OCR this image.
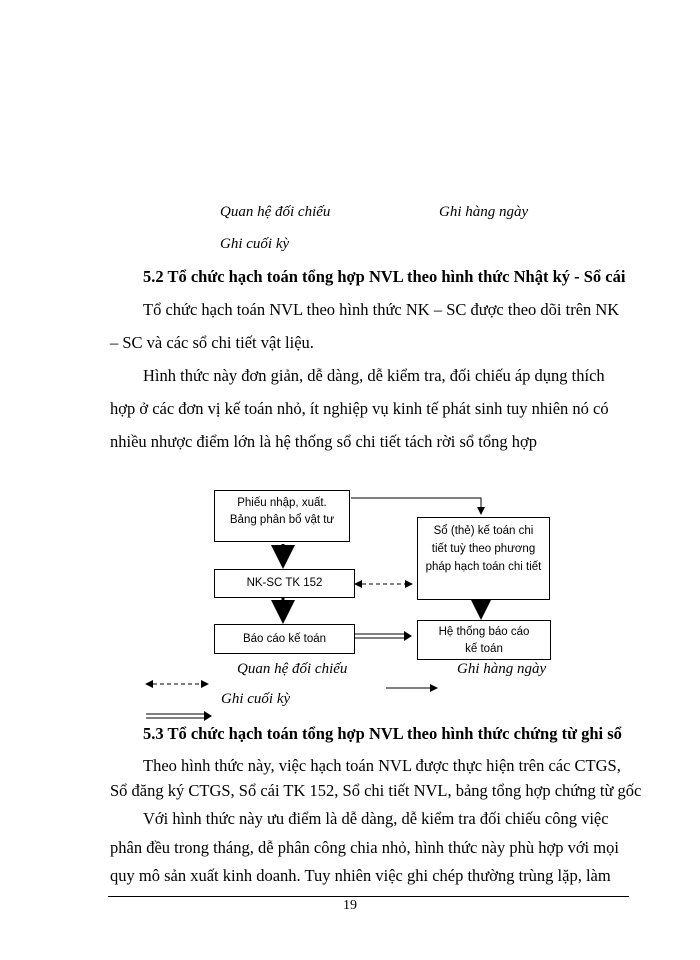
Quan hệ đối chiếu	Ghi hàng ngày
Ghi cuối kỳ
5.2 Tổ chức hạch toán tổng hợp NVL theo hình thức Nhật ký - Sổ cái
Tổ chức hạch toán NVL theo hình thức NK – SC được theo dõi trên NK
– SC và các sổ chi tiết vật liệu.
Hình thức này đơn giản, dễ dàng, dễ kiểm tra, đối chiếu áp dụng thích
hợp ở các đơn vị kế toán nhỏ, ít nghiệp vụ kinh tế phát sinh tuy nhiên nó có
nhiều nhược điểm lớn là hệ thống sổ chi tiết tách rời sổ tổng hợp
Phiếu nhập, xuất.
Bảng phân bổ vật tư
NK-SC TK 152
Báo cáo kế toán
Sổ (thẻ) kế toán chi
tiết tuỳ theo phương
pháp hạch toán chi tiết
Hệ thống báo cáo
kế toán
Quan hệ đối chiếu	Ghi hàng ngày
Ghi cuối kỳ
5.3 Tổ chức hạch toán tổng hợp NVL theo hình thức chứng từ ghi sổ
Theo hình thức này, việc hạch toán NVL được thực hiện trên các CTGS,
Sổ đăng ký CTGS, Sổ cái TK 152, Sổ chi tiết NVL, bảng tổng hợp chứng từ gốc
Với hình thức này ưu điểm là dễ dàng, dễ kiểm tra đối chiếu công việc
phân đều trong tháng, dễ phân công chia nhỏ, hình thức này phù hợp với mọi
quy mô sản xuất kinh doanh. Tuy nhiên việc ghi chép thường trùng lặp, làm
19
